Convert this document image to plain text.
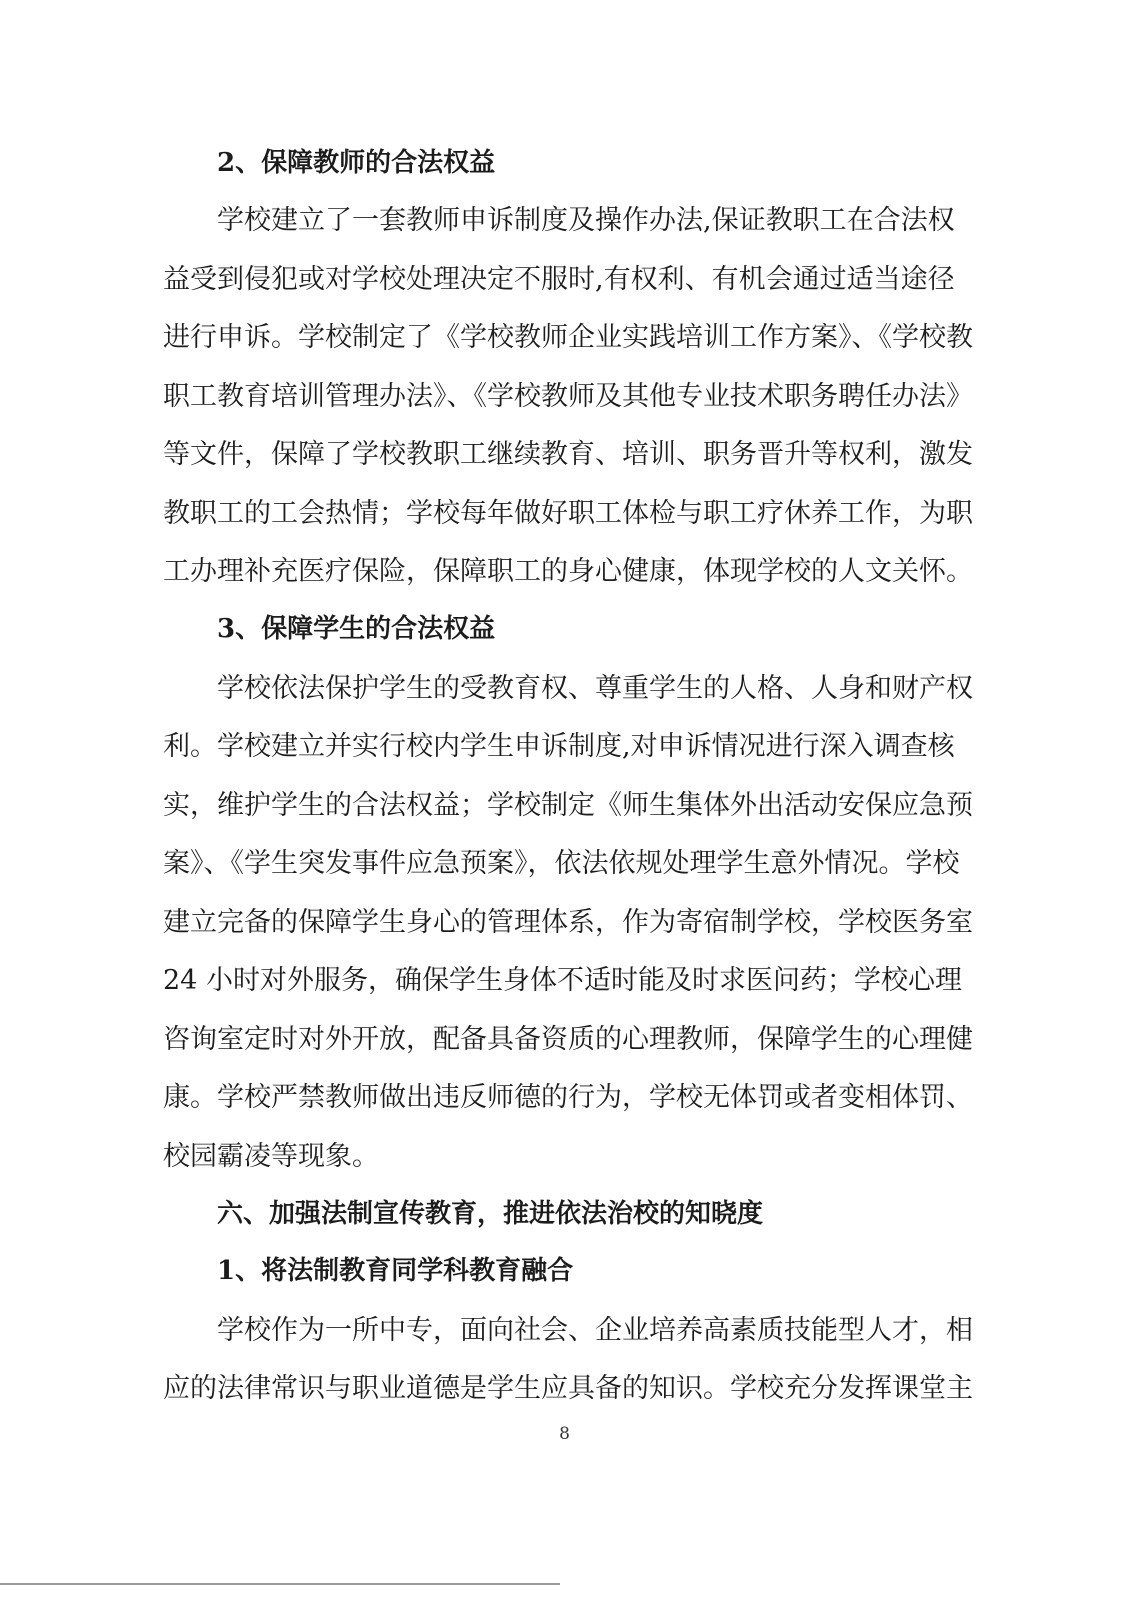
2、保障教师的合法权益
学校建立了一套教师申诉制度及操作办法,保证教职工在合法权
益受到侵犯或对学校处理决定不服时,有权利、有机会通过适当途径
进行申诉。学校制定了《学校教师企业实践培训工作方案》、《学校教
职工教育培训管理办法》、《学校教师及其他专业技术职务聘任办法》
等文件，保障了学校教职工继续教育、培训、职务晋升等权利，激发
教职工的工会热情；学校每年做好职工体检与职工疗休养工作，为职
工办理补充医疗保险，保障职工的身心健康，体现学校的人文关怀。
3、保障学生的合法权益
学校依法保护学生的受教育权、尊重学生的人格、人身和财产权
利。学校建立并实行校内学生申诉制度,对申诉情况进行深入调查核
实，维护学生的合法权益；学校制定《师生集体外出活动安保应急预
案》、《学生突发事件应急预案》，依法依规处理学生意外情况。学校
建立完备的保障学生身心的管理体系，作为寄宿制学校，学校医务室
24 小时对外服务，确保学生身体不适时能及时求医问药；学校心理
咨询室定时对外开放，配备具备资质的心理教师，保障学生的心理健
康。学校严禁教师做出违反师德的行为，学校无体罚或者变相体罚、
校园霸凌等现象。
六、加强法制宣传教育，推进依法治校的知晓度
1、将法制教育同学科教育融合
学校作为一所中专，面向社会、企业培养高素质技能型人才，相
应的法律常识与职业道德是学生应具备的知识。学校充分发挥课堂主
8
